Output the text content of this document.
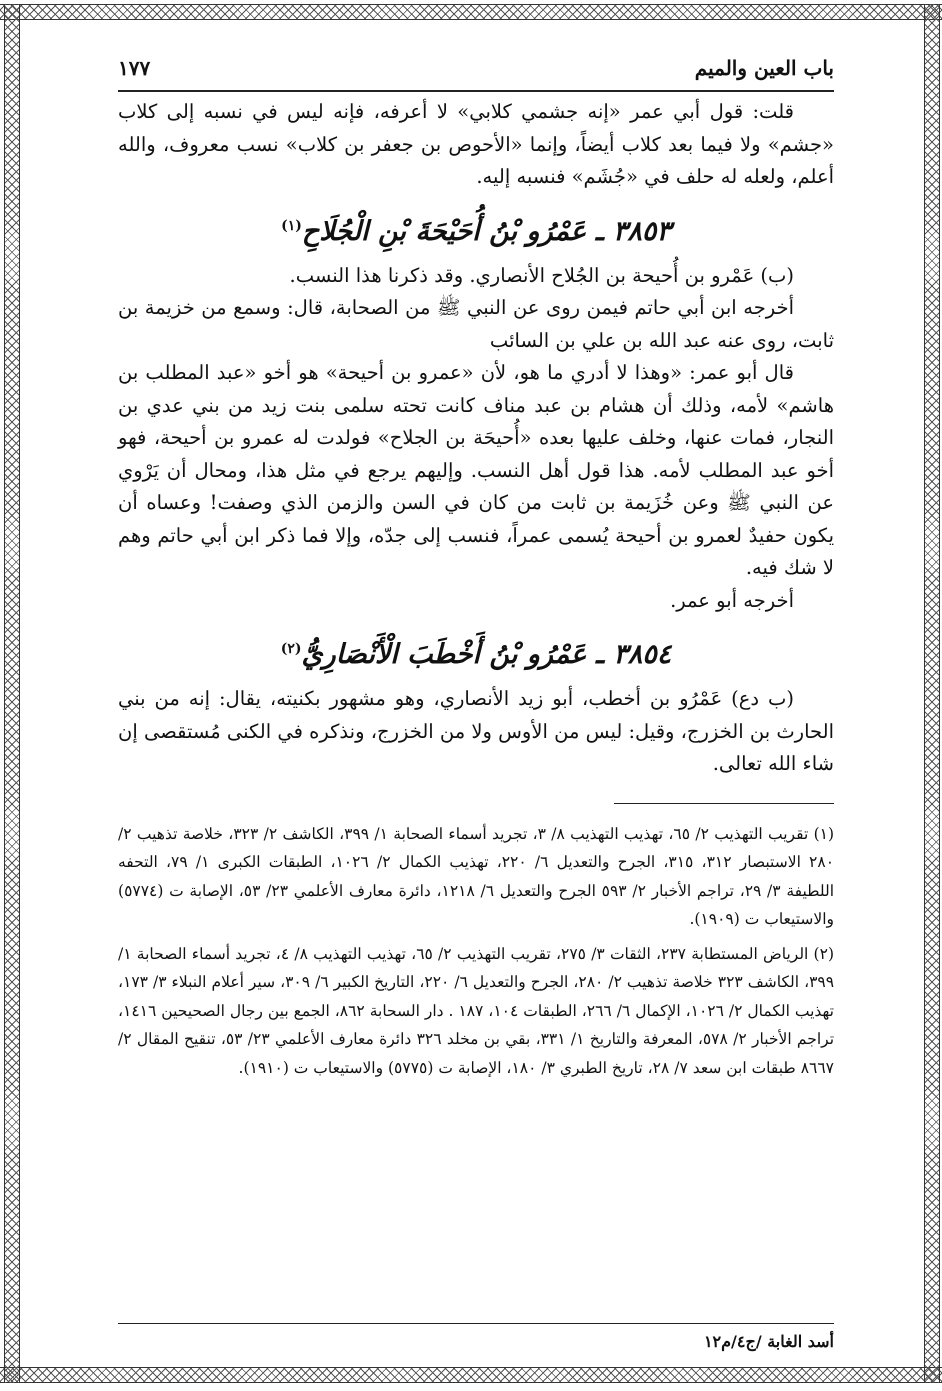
باب العين والميم
١٧٧

قلت: قول أبي عمر «إنه جشمي كلابي» لا أعرفه، فإنه ليس في نسبه إلى كلاب «جشم» ولا فيما بعد كلاب أيضاً، وإنما «الأحوص بن جعفر بن كلاب» نسب معروف، والله أعلم، ولعله له حلف في «جُشَم» فنسبه إليه.

٣٨٥٣ ـ عَمْرُو بْنُ أُحَيْحَةَ بْنِ الْجُلَاحِ$^{(١)}$

(ب) عَمْرو بن أُحيحة بن الجُلاح الأنصاري. وقد ذكرنا هذا النسب.

أخرجه ابن أبي حاتم فيمن روى عن النبي ﷺ من الصحابة، قال: وسمع من خزيمة بن ثابت، روى عنه عبد الله بن علي بن السائب

قال أبو عمر: «وهذا لا أدري ما هو، لأن «عمرو بن أحيحة» هو أخو «عبد المطلب بن هاشم» لأمه، وذلك أن هشام بن عبد مناف كانت تحته سلمى بنت زيد من بني عدي بن النجار، فمات عنها، وخلف عليها بعده «أُحيحَة بن الجلاح» فولدت له عمرو بن أحيحة، فهو أخو عبد المطلب لأمه. هذا قول أهل النسب. وإليهم يرجع في مثل هذا، ومحال أن يَرْوي عن النبي ﷺ وعن خُزَيمة بن ثابت من كان في السن والزمن الذي وصفت! وعساه أن يكون حفيدٌ لعمرو بن أحيحة يُسمى عمراً، فنسب إلى جدّه، وإلا فما ذكر ابن أبي حاتم وهم لا شك فيه.

أخرجه أبو عمر.

٣٨٥٤ ـ عَمْرُو بْنُ أَخْطَبَ الْأَنْصَارِيُّ$^{(٢)}$

(ب دع) عَمْرُو بن أخطب، أبو زيد الأنصاري، وهو مشهور بكنيته، يقال: إنه من بني الحارث بن الخزرج، وقيل: ليس من الأوس ولا من الخزرج، ونذكره في الكنى مُستقصى إن شاء الله تعالى.

(١) تقريب التهذيب ٢/ ٦٥، تهذيب التهذيب ٨/ ٣، تجريد أسماء الصحابة ١/ ٣٩٩، الكاشف ٢/ ٣٢٣، خلاصة تذهيب ٢/ ٢٨٠ الاستبصار ٣١٢، ٣١٥، الجرح والتعديل ٦/ ٢٢٠، تهذيب الكمال ٢/ ١٠٢٦، الطبقات الكبرى ١/ ٧٩، التحفه اللطيفة ٣/ ٢٩، تراجم الأخبار ٢/ ٥٩٣ الجرح والتعديل ٦/ ١٢١٨، دائرة معارف الأعلمي ٢٣/ ٥٣، الإصابة ت (٥٧٧٤) والاستيعاب ت (١٩٠٩).

(٢) الرياض المستطابة ٢٣٧، الثقات ٣/ ٢٧٥، تقريب التهذيب ٢/ ٦٥، تهذيب التهذيب ٨/ ٤، تجريد أسماء الصحابة ١/ ٣٩٩، الكاشف ٣٢٣ خلاصة تذهيب ٢/ ٢٨٠، الجرح والتعديل ٦/ ٢٢٠، التاريخ الكبير ٦/ ٣٠٩، سير أعلام النبلاء ٣/ ١٧٣، تهذيب الكمال ٢/ ١٠٢٦، الإكمال ٦/ ٢٦٦، الطبقات ١٠٤، ١٨٧ . دار السحابة ٨٦٢، الجمع بين رجال الصحيحين ١٤١٦، تراجم الأخبار ٢/ ٥٧٨، المعرفة والتاريخ ١/ ٣٣١، بقي بن مخلد ٣٢٦ دائرة معارف الأعلمي ٢٣/ ٥٣، تنقيح المقال ٢/ ٨٦٦٧ طبقات ابن سعد ٧/ ٢٨، تاريخ الطبري ٣/ ١٨٠، الإصابة ت (٥٧٧٥) والاستيعاب ت (١٩١٠).

أسد الغابة /ج٤/م١٢
